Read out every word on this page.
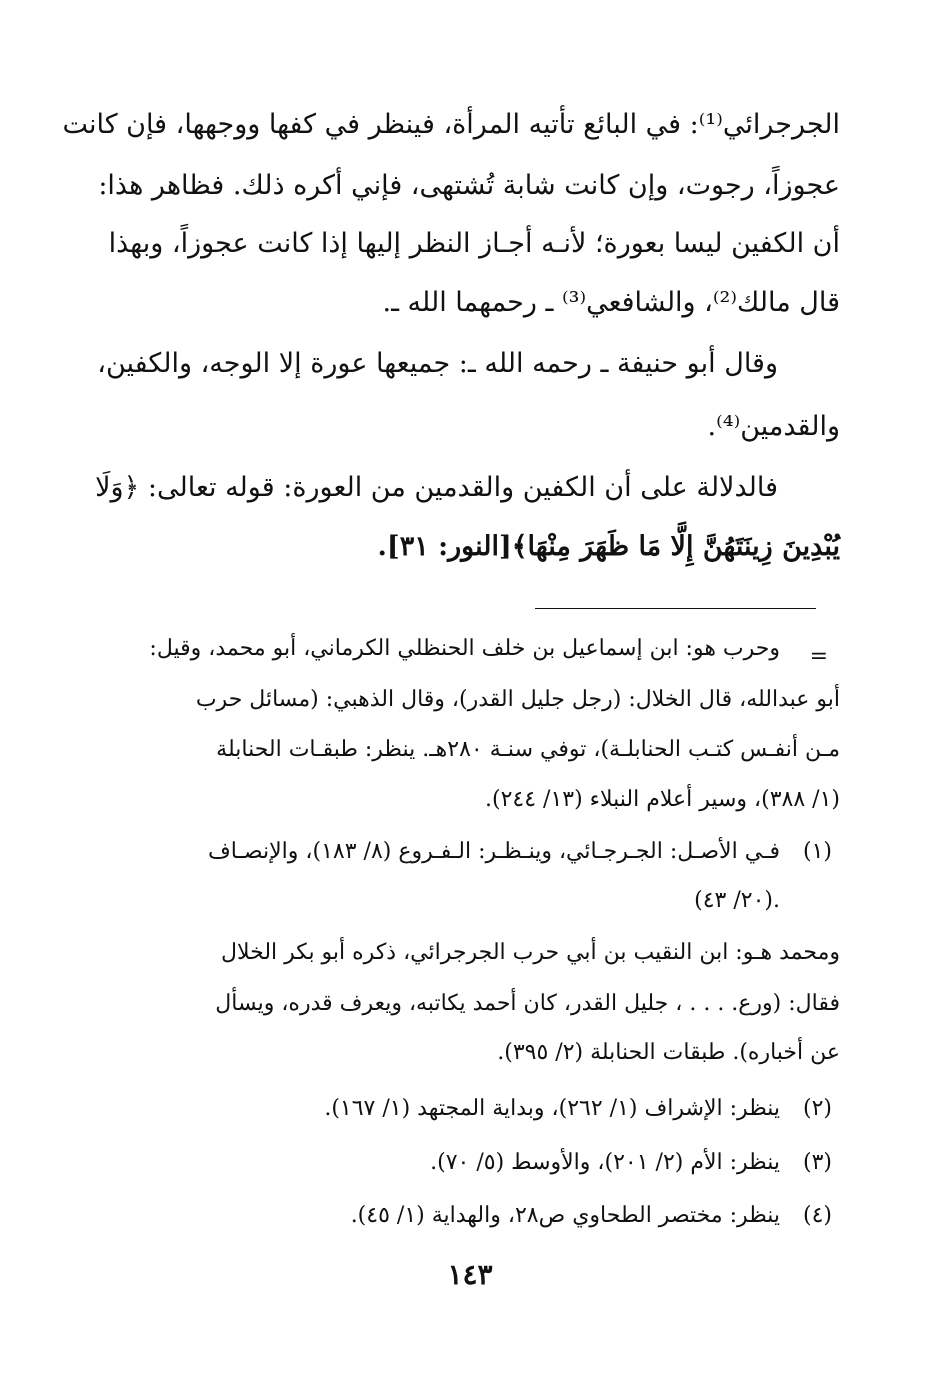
الجرجرائي⁽¹⁾: في البائع تأتيه المرأة، فينظر في كفها ووجهها، فإن كانت

عجوزاً، رجوت، وإن كانت شابة تُشتهى، فإني أكره ذلك. فظاهر هذا:

أن الكفين ليسا بعورة؛ لأنـه أجـاز النظر إليها إذا كانت عجوزاً، وبهذا

قال مالك⁽²⁾، والشافعي⁽³⁾ ـ رحمهما الله ـ.

وقال أبو حنيفة ـ رحمه الله ـ: جميعها عورة إلا الوجه، والكفين،

والقدمين⁽⁴⁾.

فالدلالة على أن الكفين والقدمين من العورة: قوله تعالى: ﴿وَلَا

يُبْدِينَ زِينَتَهُنَّ إِلَّا مَا ظَهَرَ مِنْهَا﴾[النور: ٣١].

=

وحرب هو: ابن إسماعيل بن خلف الحنظلي الكرماني، أبو محمد، وقيل:

أبو عبدالله، قال الخلال: (رجل جليل القدر)، وقال الذهبي: (مسائل حرب

مـن أنفـس كتـب الحنابلـة)، توفي سنـة ٢٨٠هـ. ينظر: طبقـات الحنابلة

(١/ ٣٨٨)، وسير أعلام النبلاء (١٣/ ٢٤٤).

(١)

فـي الأصـل: الجـرجـائي، وينـظـر: الـفـروع (٨/ ١٨٣)، والإنصـاف

(٢٠/ ٤٣).

ومحمد هـو: ابن النقيب بن أبي حرب الجرجرائي، ذكره أبو بكر الخلال

فقال: (ورع. . . . ، جليل القدر، كان أحمد يكاتبه، ويعرف قدره، ويسأل

عن أخباره). طبقات الحنابلة (٢/ ٣٩٥).

(٢)

ينظر: الإشراف (١/ ٢٦٢)، وبداية المجتهد (١/ ١٦٧).

(٣)

ينظر: الأم (٢/ ٢٠١)، والأوسط (٥/ ٧٠).

(٤)

ينظر: مختصر الطحاوي ص٢٨، والهداية (١/ ٤٥).

١٤٣
